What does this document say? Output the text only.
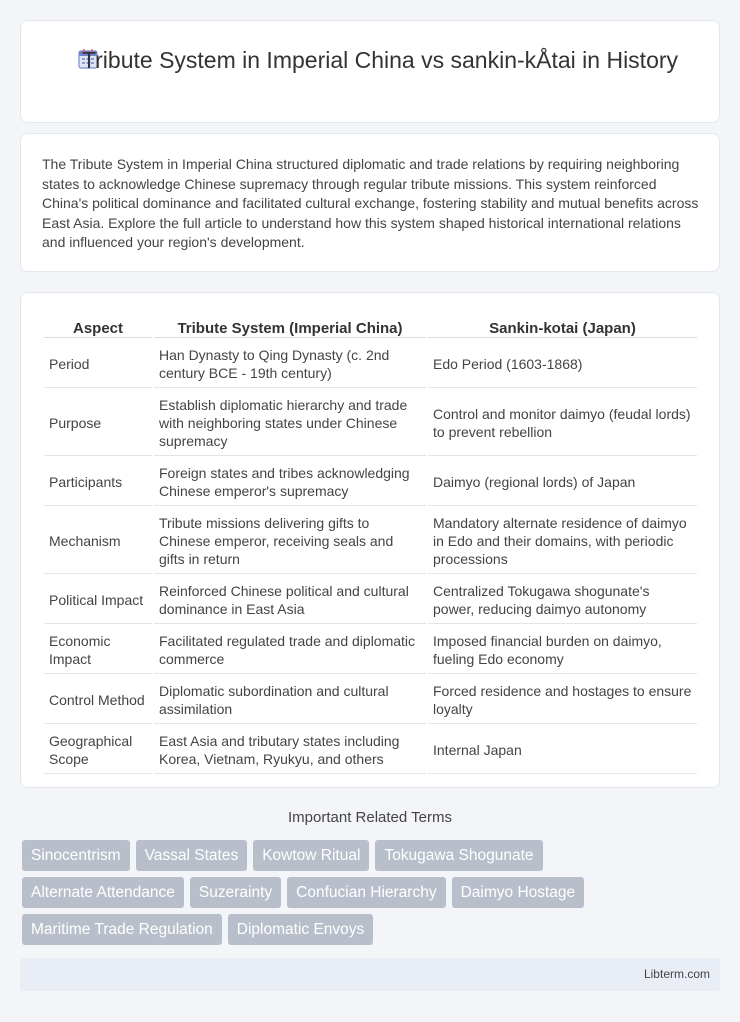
Tribute System in Imperial China vs sankin-kÅtai in History

The Tribute System in Imperial China structured diplomatic and trade relations by requiring neighboring states to acknowledge Chinese supremacy through regular tribute missions. This system reinforced China's political dominance and facilitated cultural exchange, fostering stability and mutual benefits across East Asia. Explore the full article to understand how this system shaped historical international relations and influenced your region's development.

Aspect	Tribute System (Imperial China)	Sankin-kotai (Japan)
Period	Han Dynasty to Qing Dynasty (c. 2nd century BCE - 19th century)	Edo Period (1603-1868)
Purpose	Establish diplomatic hierarchy and trade with neighboring states under Chinese supremacy	Control and monitor daimyo (feudal lords) to prevent rebellion
Participants	Foreign states and tribes acknowledging Chinese emperor's supremacy	Daimyo (regional lords) of Japan
Mechanism	Tribute missions delivering gifts to Chinese emperor, receiving seals and gifts in return	Mandatory alternate residence of daimyo in Edo and their domains, with periodic processions
Political Impact	Reinforced Chinese political and cultural dominance in East Asia	Centralized Tokugawa shogunate's power, reducing daimyo autonomy
Economic Impact	Facilitated regulated trade and diplomatic commerce	Imposed financial burden on daimyo, fueling Edo economy
Control Method	Diplomatic subordination and cultural assimilation	Forced residence and hostages to ensure loyalty
Geographical Scope	East Asia and tributary states including Korea, Vietnam, Ryukyu, and others	Internal Japan
Important Related Terms
Sinocentrism	Vassal States	Kowtow Ritual	Tokugawa Shogunate
Alternate Attendance	Suzerainty	Confucian Hierarchy	Daimyo Hostage
Maritime Trade Regulation	Diplomatic Envoys
Libterm.com
